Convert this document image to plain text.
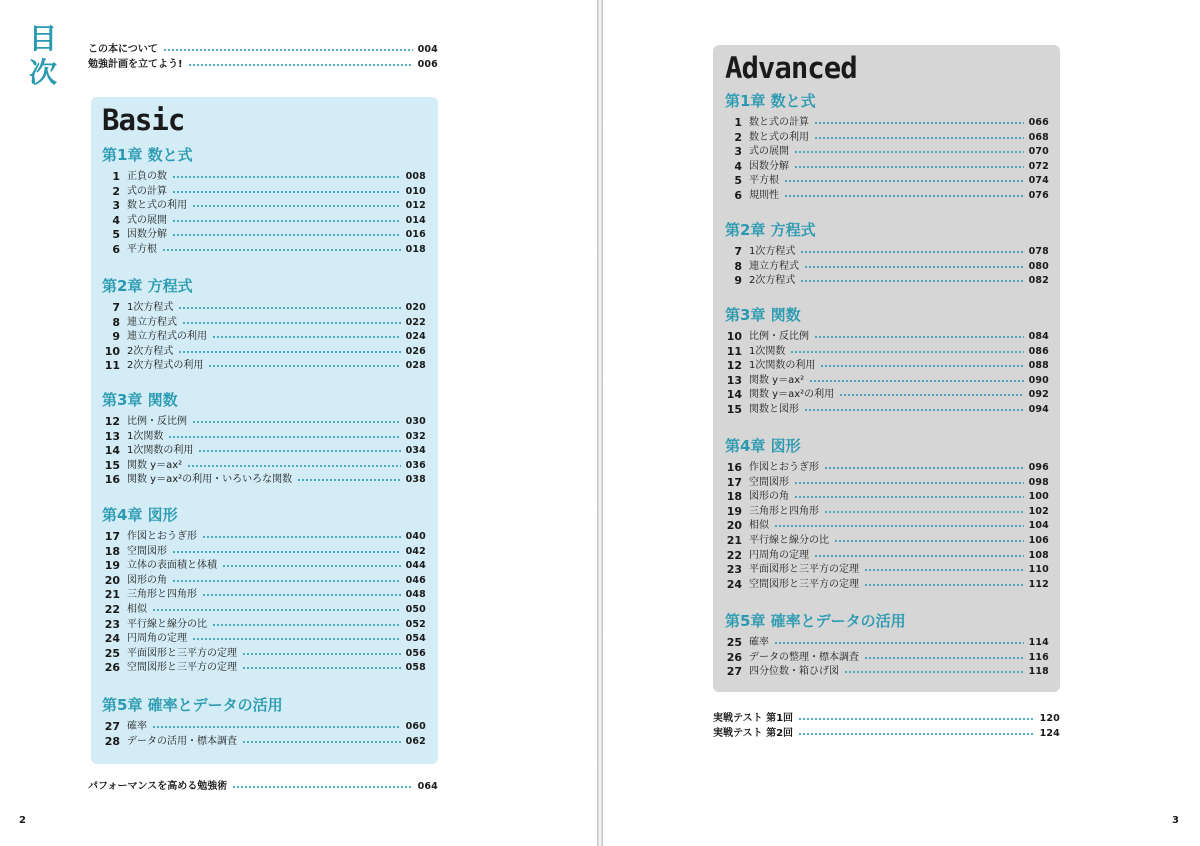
目
次
Basic
この本について	004
勉強計画を立てよう!	006
第1章 数と式
1 正負の数	008
2 式の計算	010
3 数と式の利用	012
4 式の展開	014
5 因数分解	016
6 平方根	018
第2章 方程式
7 1次方程式	020
8 連立方程式	022
9 連立方程式の利用	024
10 2次方程式	026
11 2次方程式の利用	028
第3章 関数
12 比例・反比例	030
13 1次関数	032
14 1次関数の利用	034
15 関数 y＝ax²	036
16 関数 y＝ax²の利用・いろいろな関数	038
第4章 図形
17 作図とおうぎ形	040
18 空間図形	042
19 立体の表面積と体積	044
20 図形の角	046
21 三角形と四角形	048
22 相似	050
23 平行線と線分の比	052
24 円周角の定理	054
25 平面図形と三平方の定理	056
26 空間図形と三平方の定理	058
第5章 確率とデータの活用
27 確率	060
28 データの活用・標本調査	062
パフォーマンスを高める勉強術	064
2	3
Advanced
第1章 数と式
1 数と式の計算	066
2 数と式の利用	068
3 式の展開	070
4 因数分解	072
5 平方根	074
6 規則性	076
第2章 方程式
7 1次方程式	078
8 連立方程式	080
9 2次方程式	082
第3章 関数
10 比例・反比例	084
11 1次関数	086
12 1次関数の利用	088
13 関数 y＝ax²	090
14 関数 y＝ax²の利用	092
15 関数と図形	094
第4章 図形
16 作図とおうぎ形	096
17 空間図形	098
18 図形の角	100
19 三角形と四角形	102
20 相似	104
21 平行線と線分の比	106
22 円周角の定理	108
23 平面図形と三平方の定理	110
24 空間図形と三平方の定理	112
第5章 確率とデータの活用
25 確率	114
26 データの整理・標本調査	116
27 四分位数・箱ひげ図	118
実戦テスト 第1回	120
実戦テスト 第2回	124
